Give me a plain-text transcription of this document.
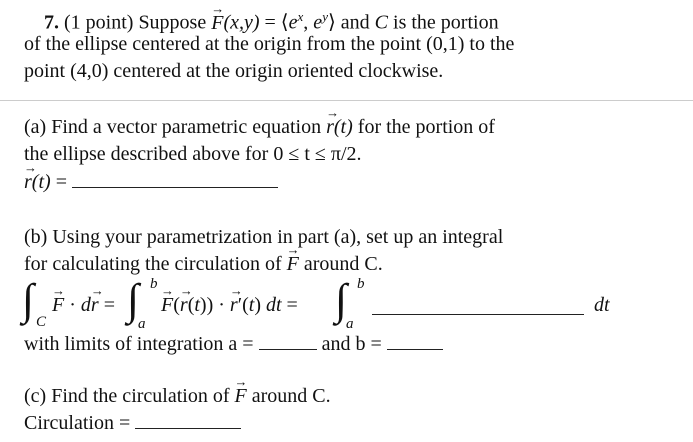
7. (1 point) Suppose → $F(x,y) = ⟨e^x$, $e^y⟩$ and C is the portion
of the ellipse centered at the origin from the point (0,1) to the
point (4,0) centered at the origin oriented clockwise.
(a) Find a vector parametric equation → r(t) for the portion of
the ellipse described above for 0 ≤ t ≤ π/2.
→ r(t) =
(b) Using your parametrization in part (a), set up an integral
for calculating the circulation of → F around C.
∫ C
→ F · d→ r = ∫ b
a
→ F(→ r(t)) · → r′(t) dt = ∫ b
a
dt
with limits of integration a =	and b =
(c) Find the circulation of → F around C.
Circulation =
